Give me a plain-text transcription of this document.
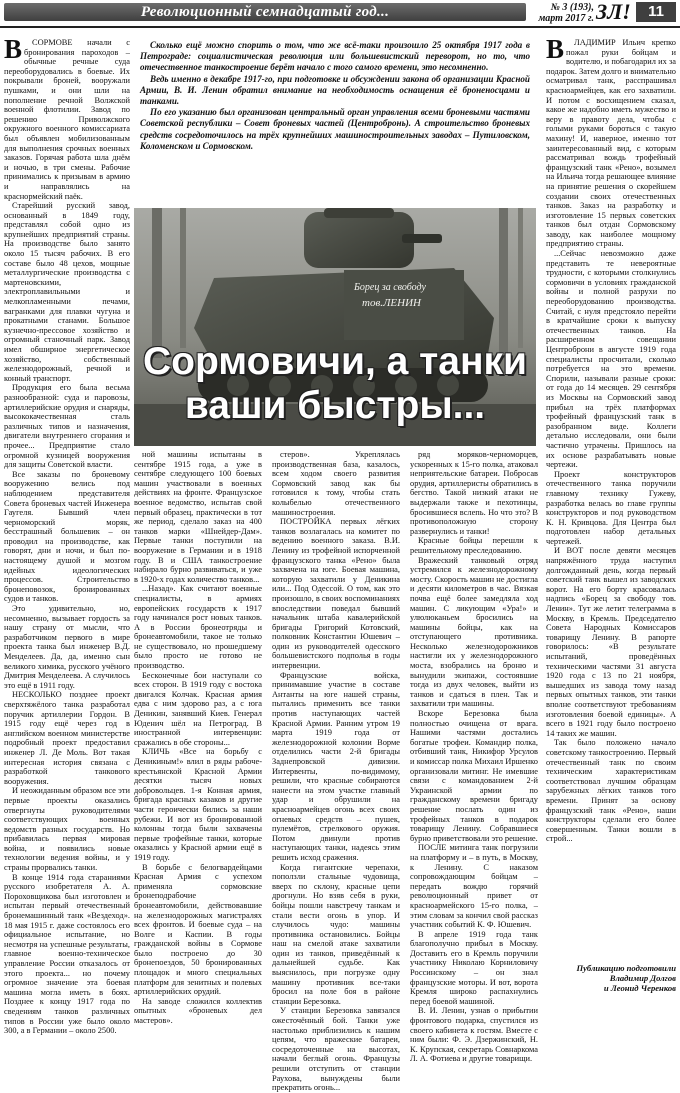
Революционный семнадцатый год...	№ 3 (193),
март 2017 г. ЗЛ!	11
В	СОРМОВЕ начали с бронирования пароходов – обычные речные суда переоборудовались в боевые. Их покрывали броней, вооружали пушками, и они шли на пополнение речной Волжской военной флотилии. Завод по решению Приволжского окружного военного комиссариата был объявлен мобилизованным для выполнения срочных военных заказов. Горячая работа шла днём и ночью, в три смены. Рабочие принимались к призывам в армию и направлялись на краснормейский паёк.

Старейший русский завод, основанный в 1849 году, представлял собой одно из крупнейших предприятий страны. На производстве было занято около 15 тысяч рабочих. В его составе было 48 цехов, мощные металлургические производства с мартеновскими, электроплавильными и мелкопламенными печами, вагранками для плавки чугуна и прокатными станами. Большое кузнечно-прессовое хозяйство и огромный станочный парк. Завод имел обширное энергетическое хозяйство, собственный железнодорожный, речной и конный транспорт.

Продукция его была весьма разнообразной: суда и паровозы, артиллерийские орудия и снаряды, высококачественная сталь различных типов и назначения, двигатели внутреннего сгорания и прочее... Предприятие стало огромной кузницей вооружения для защиты Советской власти.

Все заказы по броневому вооружению велись под наблюдением представителя Совета броневых частей Инженера Гаугеля. Бывший член черноморский моряк, бесстрашный большевик – он проводил на производстве, как говорят, дни и ночи, и был по-настоящему душой и мозгом идейных идеологических процессов. Строительство бронеповозок, бронированных судов и танков.

Это удивительно, но, несомненно, вызывает гордость за нашу страну от мысли, что разработчиком первого в мире проекта танка был инженер В.Д. Менделеев. Да, да, именно сын великого химика, русского учёного Дмитрия Менделеева. А случилось это ещё в 1911 году.

НЕСКОЛЬКО позднее проект сверхтяжёлого танка разработал поручик артиллерии Гордон. В 1915 году ещё через год в английском военном министерстве подробный проект предоставил инженер Л. Де Моль. Вот такая интересная история связана с разработкой танкового вооружения.

И неожиданным образом все эти первые проекты оказались отвергнуты руководителями соответствующих военных ведомств разных государств. Но прибавилась первая мировая война, и появились новые технологии ведения войны, и у страны прорвались танки.

В конце 1914 года стараниями русского изобретателя А. А. Пороховщикова был изготовлен и испытан первый отечественный бронемашинный танк «Вездеход». 18 мая 1915 г. даже состоялось его официальное испытание, но несмотря на успешные результаты, главное военно-техническое управление России отказалось от этого проекта... но почему огромное значение эта боевая машина могла иметь в боях. Позднее к концу 1917 года по сведениям танков различных типов в России уже было около 300, а в Германии – около 2500.

Сколько ещё можно спорить о том, что же всё-таки произошло 25 октября 1917 года в Петрограде: социалистическая революция или большевистский переворот, но то, что отечественное танкостроение берёт начало с того самого времени, это несомненно.

Ведь именно в декабре 1917-го, при подготовке и обсуждении закона об организации Красной Армии, В. И. Ленин обратил внимание на необходимость оснащения её броненосцами и танками.

По его указанию был организован центральный орган управления всеми броневыми частями Советской республики – Совет броневых частей (Центробронь). А строительство броневых средств сосредоточилось на трёх крупнейших машиностроительных заводах – Путиловском, Коломенском и Сормовском.

Борец за свободу
тов.ЛЕНИН
Сормовичи, а танки
ваши быстры...

ной машины испытаны в сентябре 1915 года, а уже в сентябре следующего 100 боевых машин участвовали в военных действиях на фронте. Французское военное ведомство, испытав свой первый образец, практически в тот же период, сделало заказ на 400 танков марки «Шнейдер-Дам». Первые танки поступили на вооружение в Германии и в 1918 году. В и США танкостроение набирало бурно развиваться, и уже в 1920-х годах количество танков...

...Назад». Как считают военные специалисты, в армиях европейских государств к 1917 году начинался рост новых танков. А в России бронеотряды и бронеавтомобили, такое не только не существовало, но прошедшему было просто не готово не производство.

Бесконечные бои наступали со всех сторон. В 1919 году с востока двигался Колчак. Красная армия едва с ним здорово раз, а с юга Деникин, занявший Киев. Генерал Юденич шёл на Петроград. В иностранной интервенции: сражались в обе стороны...

КЛИЧЬ «Все на борьбу с Деникиным!» влил в ряды рабоче-крестьянской Красной Армии десятки тысяч новых добровольцев. 1-я Конная армия, бригада красных казаков и другие части героически бились за наши рубежи. И вот из бронированной колонны тогда были захвачены первые трофейные танки, которые оказались у Красной армии ещё в 1919 году.

В борьбе с белогвардейцами Красная Армия с успехом применяла сормовские бронеподрабочие бронеавтомобили, действовавшие на железнодорожных магистралях всех фронтов. И боевые суда – на Волге и Каспии. В годы гражданской войны в Сормове было построено до 30 бронепоездов, 50 бронированных площадок и много специальных платформ для зенитных и полевых артиллерийских орудий.

На заводе сложился коллектив опытных «броневых дел мастеров».

стеров». Укреплялась производственная база, казалось, всем ходом своего развития Сормовский завод как бы готовился к тому, чтобы стать колыбелью отечественного машиностроения.

ПОСТРОЙКА первых лёгких танков возлагалась на комитет по ведению военного заказа. В.И. Ленину из трофейной испорченной французского танка «Рено» была захвачена на юге. Боевая машина, которую захватили у Деникина или... Под Одессой. О том, как это произошло, в своих воспоминаниях впоследствии поведал бывший начальник штаба кавалерийской бригады Григорий Котовский, полковник Константин Юшевич – один из руководителей одесского большевистского подполья в годы интервенции.

Французские войска, принимавшие участие в составе Антанты на юге нашей страны, пытались применить все танки против наступающих частей Красной Армии. Ранним утром 19 марта 1919 года от железнодорожной колонии Ворме отделились части 2-й бригады Заднепровской дивизии. Интервенты, по-видимому, решили, что красные собираются нанести на этом участке главный удар и обрушили на красноармейцев огонь всех своих огневых средств – пушек, пулемётов, стрелкового оружия. Потом двинули против наступающих танки, надеясь этим решить исход сражения.

Когда гигантские черепахи, поползли стальные чудовища, вверх по склону, красные цепи дрогнули. Но взяв себя в руки, бойцы пошли навстречу танкам и стали вести огонь в упор. И случилось чудо: машины противника остановились. Бойцы наш на смелой атаке захватили один из танков, приведённый к дальнейшей судьбе. Как выяснилось, при погрузке одну машину противник все-таки бросил на поле боя в районе станции Березовка.

У станции Березовка завязался ожесточённый бой. Танки уже настолько приблизились к нашим цепям, что вражеские батареи, сосредоточенные на высотах, начали беглый огонь. Французы решили отступить от станции Раухова, вынуждены были прекратить огонь...

ряд моряков-черноморцев, ускоренных к 15-го полка, атаковал неприятельские батареи. Побросав орудия, артиллеристы обратились в бегство. Такой низкий атаки не выдержали также и пехотинцы, бросившиеся вслепь. Но что это? В противоположную сторону развернулись и танки!

Красные бойцы перешли к решительному преследованию.

Вражеский танковый отряд устремился к железнодорожному мосту. Скорость машин не достигла и десяти километров в час. Вязкая почва ещё более замедляла ход машин. С ликующим «Ура!» и улюлюканьем бросились на машины бойцы, как на отступающего противника. Несколько железнодорожников настигли их у железнодорожного моста, взобрались на броню и вынудили экипажи, состоявшие тогда из двух человек, выйти из танков и сдаться в плен. Так и захватили три машины.

Вскоре Березовка была полностью очищена от врага. Нашими частями достались богатые трофеи. Командир полка, отбивший танк, Никифор Урсулов и комиссар полка Михаил Иршенко организовали митинг. Не имевшие связи с командованием 2-й Украинской армии по гражданскому времени бригаду решение послать один из трофейных танков в подарок товарищу Ленину. Собравшиеся бурно приветствовали это решение.

ПОСЛЕ митинга танк погрузили на платформу и – в путь, в Москву, к Ленину. С наказом сопровождающим бойцам – передать вождю горячий революционный привет от красноармейского 15-го полка, – этим словам за кончил свой рассказ участник событий К. Ф. Юшевич.

В апреле 1919 года танк благополучно прибыл в Москву. Доставить его в Кремль поручили участнику Николаю Корниловичу Россинскому – он знал французские моторы. И вот, ворота Кремля широко распахнулись перед боевой машиной.

В. И. Ленин, узнав о прибытии фронтового подарка, спустился из своего кабинета к гостям. Вместе с ним были: Ф. Э. Дзержинский, Н. К. Крупская, секретарь Совнаркома Л. А. Фотиева и другие товарищи.

В	ЛАДИМИР Ильич крепко пожал руки бойцам и водителю, и побагодарил их за подарок. Затем долго и внимательно осматривал танк, расспрашивал красноармейцев, как его захватили. И потом с восхищением сказал, какое же надобно иметь мужество и веру в правоту дела, чтобы с голыми руками бороться с такую махину! И, наверное, именно тот заинтересованный вид, с которым рассматривал вождь трофейный французский танк «Рено», возымел на Ильича тогда решающее влияние на принятие решения о скорейшем создании своих отечественных танков. Заказ на разработку и изготовление 15 первых советских танков был отдан Сормовскому заводу, как наиболее мощному предприятию страны.

...Сейчас невозможно даже представить те невероятные трудности, с которыми столкнулись сормовичи в условиях гражданской войны и полной разрухи по переоборудованию производства. Считай, с нуля предстояло перейти в кратчайшие сроки к выпуску отечественных танков. На расширенном совещании Центроброни в августе 1919 года специалисты просчитали, сколько потребуется на это времени. Спорили, называли разные сроки: от года до 14 месяцев. 29 сентября из Москвы на Сормовский завод прибыл на трёх платформах трофейный французский танк в разобранном виде. Коллеги детально исследовали, они были частично утрачены. Пришлось на их основе разрабатывать новые чертежи.

Проект конструкторов отечественного танка поручили главному технику Гужеву, разработка велась во главе группы конструкторов и под руководством К. Н. Кривцова. Для Центра был подготовлен набор детальных чертежей.

И ВОТ после девяти месяцев напряжённого труда наступил долгожданный день, когда первый советский танк вышел из заводских ворот. На его борту красовалась надпись «Борец за свободу тов. Ленин». Тут же летит телеграмма в Москву, в Кремль. Председателю Совета Народных Комиссаров товарищу Ленину. В рапорте говорилось: «В результате испытаний, проведённых техническими частями 31 августа 1920 года с 13 по 21 ноября, вышедших из завода тому назад первых опытных танков, эти танки вполне соответствуют требованиям изготовления боевой единицы». А всего в 1921 году было построено 14 таких же машин.

Так было положено начало советскому танкостроению. Первый отечественный танк по своим техническим характеристикам соответствовал лучшим образцам зарубежных лёгких танков того времени. Принят за основу французский танк «Рено», наши конструкторы сделали его более совершенным. Танки вошли в строй...

Публикацию подготовили
Владимир Долгов
и Леонид Черенков
